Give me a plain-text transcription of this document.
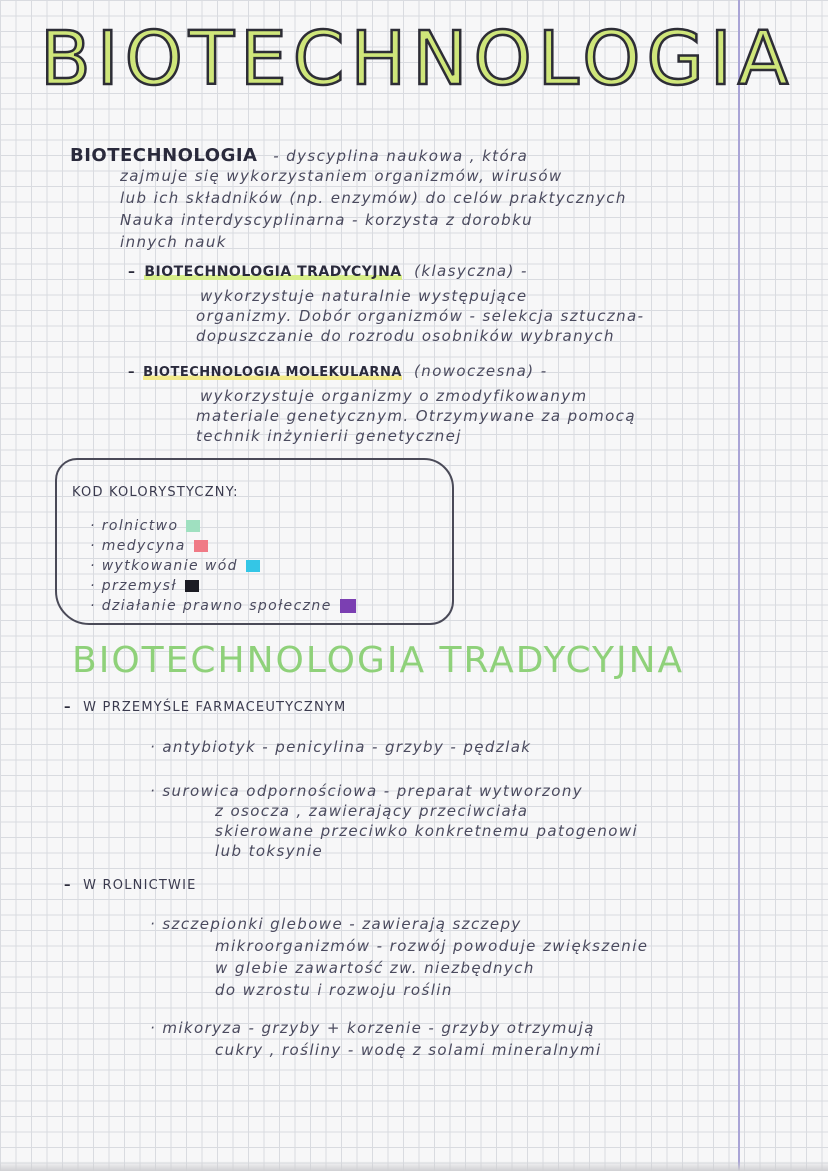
BIOTECHNOLOGIA
BIOTECHNOLOGIA - dyscyplina naukowa , która
zajmuje się wykorzystaniem organizmów, wirusów
lub ich składników (np. enzymów) do celów praktycznych
Nauka interdyscyplinarna - korzysta z dorobku
innych nauk
–  BIOTECHNOLOGIA TRADYCYJNA (klasyczna) -
wykorzystuje naturalnie występujące
organizmy. Dobór organizmów - selekcja sztuczna-
dopuszczanie do rozrodu osobników wybranych
–  BIOTECHNOLOGIA MOLEKULARNA (nowoczesna) -
wykorzystuje organizmy o zmodyfikowanym
materiale genetycznym. Otrzymywane za pomocą
technik inżynierii genetycznej
KOD KOLORYSTYCZNY:
· rolnictwo
· medycyna
· wytkowanie wód
· przemysł
· działanie prawno społeczne
BIOTECHNOLOGIA TRADYCYJNA
–  W PRZEMYŚLE FARMACEUTYCZNYM
· antybiotyk - penicylina - grzyby - pędzlak
· surowica odpornościowa - preparat wytworzony
z osocza , zawierający przeciwciała
skierowane przeciwko konkretnemu patogenowi
lub toksynie
–  W ROLNICTWIE
· szczepionki glebowe - zawierają szczepy
mikroorganizmów - rozwój powoduje zwiększenie
w glebie zawartość zw. niezbędnych
do wzrostu i rozwoju roślin
· mikoryza - grzyby + korzenie - grzyby otrzymują
cukry , rośliny - wodę z solami mineralnymi
